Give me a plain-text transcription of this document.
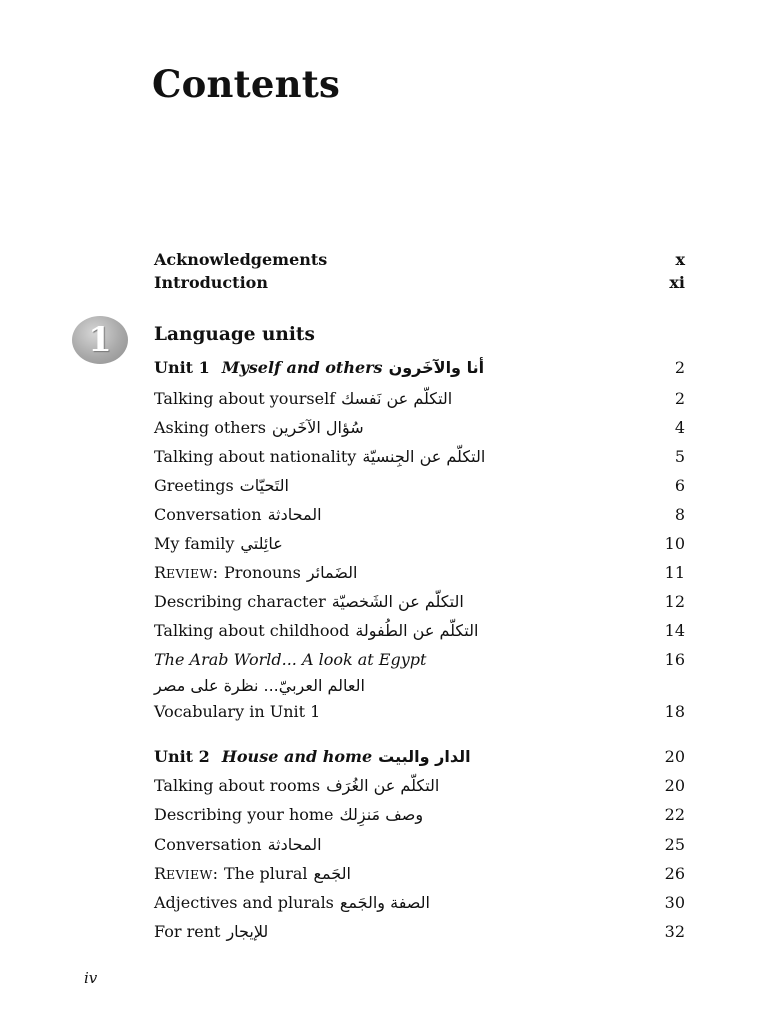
Contents
Acknowledgements	x
Introduction	xi
1 Language units
Unit 1 Myself and others أنا والآخَرون	2
Talking about yourself التكلّم عن نَفسك	2
Asking others سُؤال الآخَرين	4
Talking about nationality التكلّم عن الجِنسيّة	5
Greetings التَحيّات	6
Conversation المحادثة	8
My family عائِلتي	10
REVIEW: Pronouns الضَمائر	11
Describing character التكلّم عن الشَخصيّة	12
Talking about childhood التكلّم عن الطُفولة	14
The Arab World... A look at Egypt	16
العالم العربيّ... نظرة على مصر
Vocabulary in Unit 1	18
Unit 2 House and home الدار والبيت	20
Talking about rooms التكلّم عن الغُرَف	20
Describing your home وصف مَنزِلك	22
Conversation المحادثة	25
REVIEW: The plural الجَمع	26
Adjectives and plurals الصفة والجَمع	30
For rent للإيجار	32
iv
